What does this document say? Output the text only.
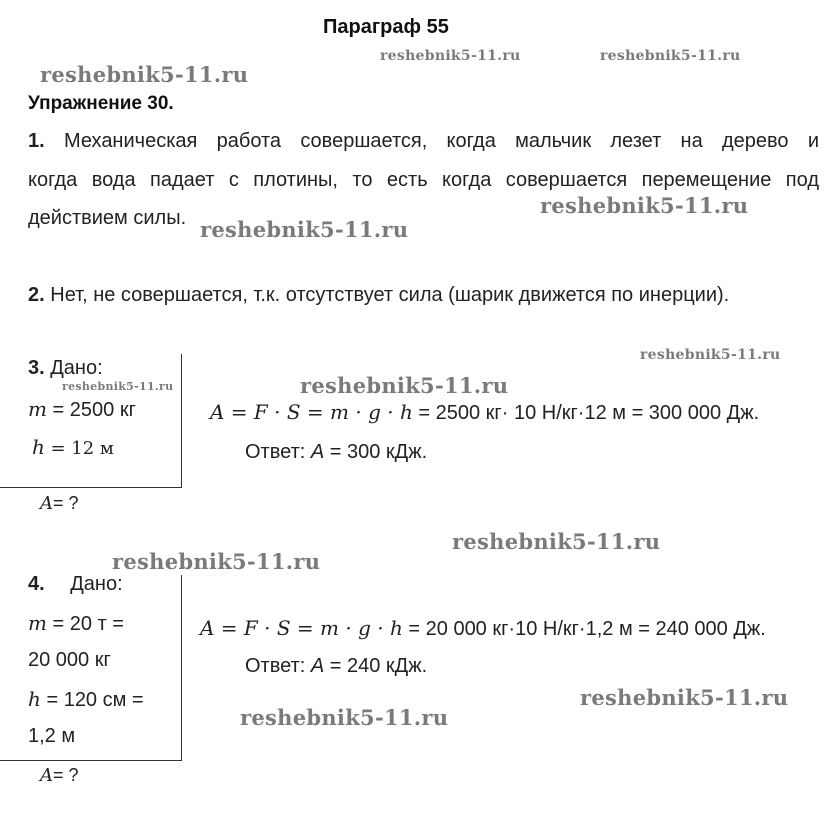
Параграф 55
reshebnik5-11.ru
reshebnik5-11.ru	reshebnik5-11.ru
reshebnik5-11.ru
reshebnik5-11.ru
reshebnik5-11.ru
reshebnik5-11.ru	reshebnik5-11.ru
reshebnik5-11.ru
reshebnik5-11.ru
reshebnik5-11.ru
reshebnik5-11.ru
Упражнение 30.
1. Механическая работа совершается, когда мальчик лезет на дерево и
когда вода падает с плотины, то есть когда совершается перемещение под
действием силы.
2. Нет, не совершается, т.к. отсутствует сила (шарик движется по инерции).
3. Дано:
m = 2500 кг
h = 12 м
A= ?
A = F · S = m · g · h = 2500 кг· 10 Н/кг·12 м = 300 000 Дж.
Ответ: A = 300 кДж.
4. Дано:
m = 20 т =
20 000 кг
h = 120 см =
1,2 м
A= ?
A = F · S = m · g · h = 20 000 кг·10 Н/кг·1,2 м = 240 000 Дж.
Ответ: A = 240 кДж.
